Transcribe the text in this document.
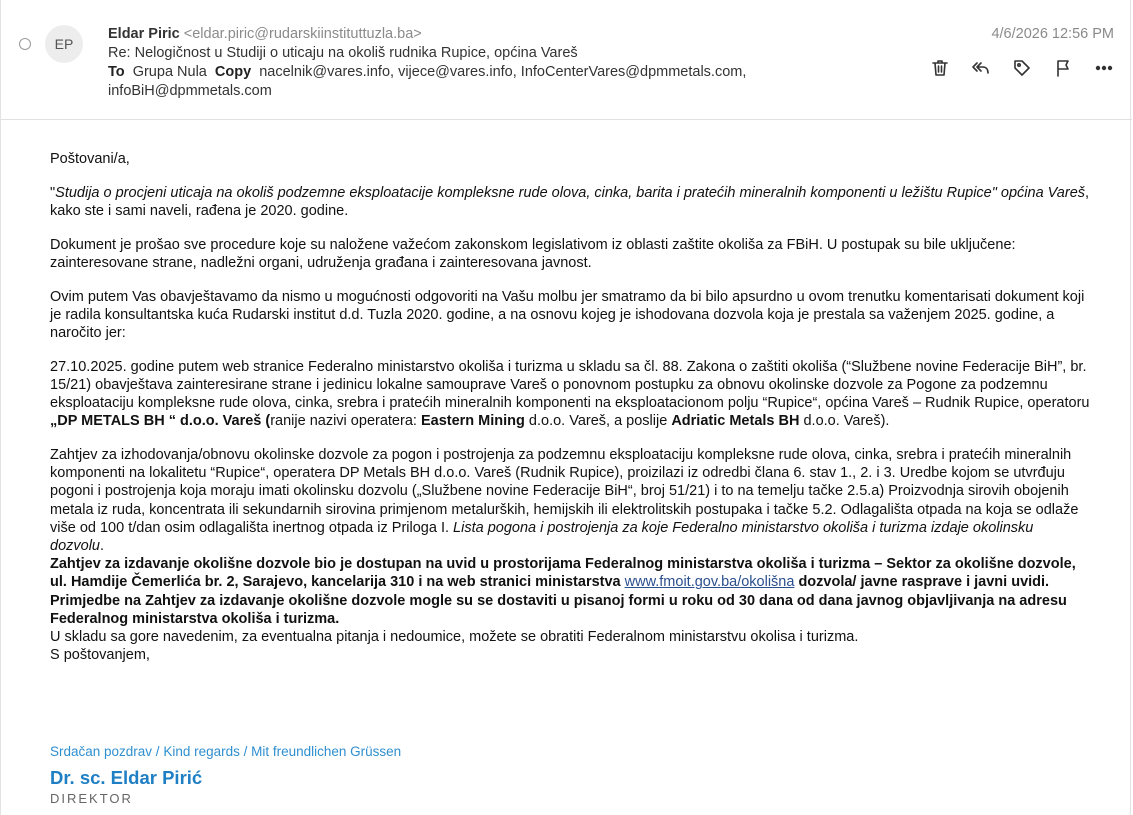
EP
Eldar Piric <eldar.piric@rudarskiinstituttuzla.ba>
Re: Nelogičnost u Studiji o uticaju na okoliš rudnika Rupice, općina Vareš
To Grupa Nula Copy nacelnik@vares.info, vijece@vares.info, InfoCenterVares@dpmmetals.com,
infoBiH@dpmmetals.com
4/6/2026 12:56 PM

Poštovani/a,

"Studija o procjeni uticaja na okoliš podzemne eksploatacije kompleksne rude olova, cinka, barita i pratećih mineralnih komponenti u ležištu Rupice" općina Vareš, kako ste i sami naveli, rađena je 2020. godine.

Dokument je prošao sve procedure koje su naložene važećom zakonskom legislativom iz oblasti zaštite okoliša za FBiH. U postupak su bile uključene: zainteresovane strane, nadležni organi, udruženja građana i zainteresovana javnost.

Ovim putem Vas obavještavamo da nismo u mogućnosti odgovoriti na Vašu molbu jer smatramo da bi bilo apsurdno u ovom trenutku komentarisati dokument koji je radila konsultantska kuća Rudarski institut d.d. Tuzla 2020. godine, a na osnovu kojeg je ishodovana dozvola koja je prestala sa važenjem 2025. godine, a naročito jer:

27.10.2025. godine putem web stranice Federalno ministarstvo okoliša i turizma u skladu sa čl. 88. Zakona o zaštiti okoliša (“Službene novine Federacije BiH”, br. 15/21) obavještava zainteresirane strane i jedinicu lokalne samouprave Vareš o ponovnom postupku za obnovu okolinske dozvole za Pogone za podzemnu eksploataciju kompleksne rude olova, cinka, srebra i pratećih mineralnih komponenti na eksploatacionom polju “Rupice“, općina Vareš – Rudnik Rupice, operatoru „DP METALS BH “ d.o.o. Vareš (ranije nazivi operatera: Eastern Mining d.o.o. Vareš, a poslije Adriatic Metals BH d.o.o. Vareš).

Zahtjev za izhodovanja/obnovu okolinske dozvole za pogon i postrojenja za podzemnu eksploataciju kompleksne rude olova, cinka, srebra i pratećih mineralnih komponenti na lokalitetu “Rupice“, operatera DP Metals BH d.o.o. Vareš (Rudnik Rupice), proizilazi iz odredbi člana 6. stav 1., 2. i 3. Uredbe kojom se utvrđuju pogoni i postrojenja koja moraju imati okolinsku dozvolu („Službene novine Federacije BiH“, broj 51/21) i to na temelju tačke 2.5.a) Proizvodnja sirovih obojenih metala iz ruda, koncentrata ili sekundarnih sirovina primjenom metalurških, hemijskih ili elektrolitskih postupaka i tačke 5.2. Odlagališta otpada na koja se odlaže više od 100 t/dan osim odlagališta inertnog otpada iz Priloga I. Lista pogona i postrojenja za koje Federalno ministarstvo okoliša i turizma izdaje okolinsku dozvolu.

Zahtjev za izdavanje okolišne dozvole bio je dostupan na uvid u prostorijama Federalnog ministarstva okoliša i turizma – Sektor za okolišne dozvole, ul. Hamdije Čemerlića br. 2, Sarajevo, kancelarija 310 i na web stranici ministarstva www.fmoit.gov.ba/okolišna dozvola/ javne rasprave i javni uvidi. Primjedbe na Zahtjev za izdavanje okolišne dozvole mogle su se dostaviti u pisanoj formi u roku od 30 dana od dana javnog objavljivanja na adresu Federalnog ministarstva okoliša i turizma.

U skladu sa gore navedenim, za eventualna pitanja i nedoumice, možete se obratiti Federalnom ministarstvu okolisa i turizma.

S poštovanjem,

Srdačan pozdrav / Kind regards / Mit freundlichen Grüssen
Dr. sc. Eldar Pirić
DIREKTOR
